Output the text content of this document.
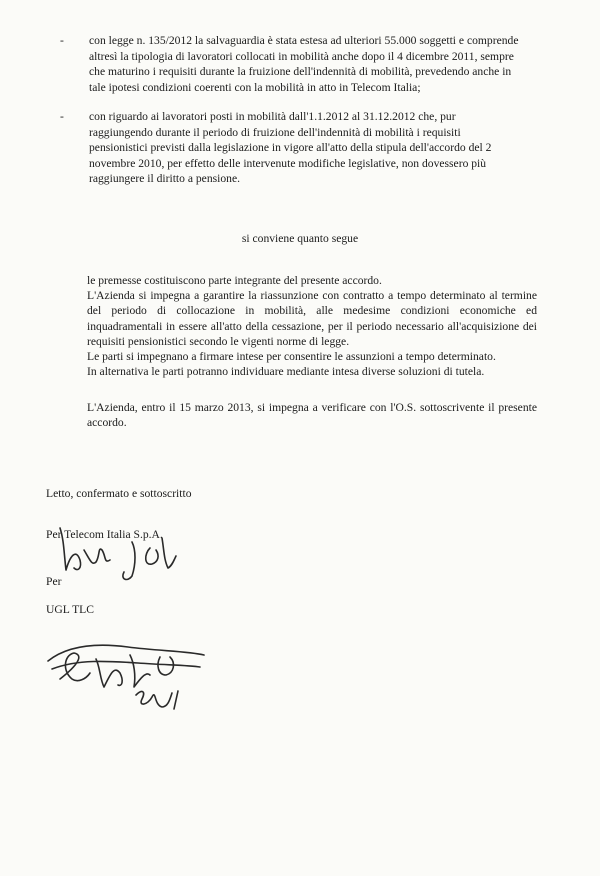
-	con legge n. 135/2012 la salvaguardia è stata estesa ad ulteriori 55.000 soggetti e comprende
altresì la tipologia di lavoratori collocati in mobilità anche dopo il 4 dicembre 2011, sempre
che maturino i requisiti durante la fruizione dell'indennità di mobilità, prevedendo anche in
tale ipotesi condizioni coerenti con la mobilità in atto in Telecom Italia;
-	con riguardo ai lavoratori posti in mobilità dall'1.1.2012 al 31.12.2012 che, pur
raggiungendo durante il periodo di fruizione dell'indennità di mobilità i requisiti
pensionistici previsti dalla legislazione in vigore all'atto della stipula dell'accordo del 2
novembre 2010, per effetto delle intervenute modifiche legislative, non dovessero più
raggiungere il diritto a pensione.
si conviene quanto segue

le premesse costituiscono parte integrante del presente accordo.

L'Azienda si impegna a garantire la riassunzione con contratto a tempo determinato al termine del periodo di collocazione in mobilità, alle medesime condizioni economiche ed inquadramentali in essere all'atto della cessazione, per il periodo necessario all'acquisizione dei requisiti pensionistici secondo le vigenti norme di legge.

Le parti si impegnano a firmare intese per consentire le assunzioni a tempo determinato.

In alternativa le parti potranno individuare mediante intesa diverse soluzioni di tutela.

L'Azienda, entro il 15 marzo 2013, si impegna a verificare con l'O.S. sottoscrivente il presente accordo.

Letto, confermato e sottoscritto
Per Telecom Italia S.p.A.
Per
UGL TLC
